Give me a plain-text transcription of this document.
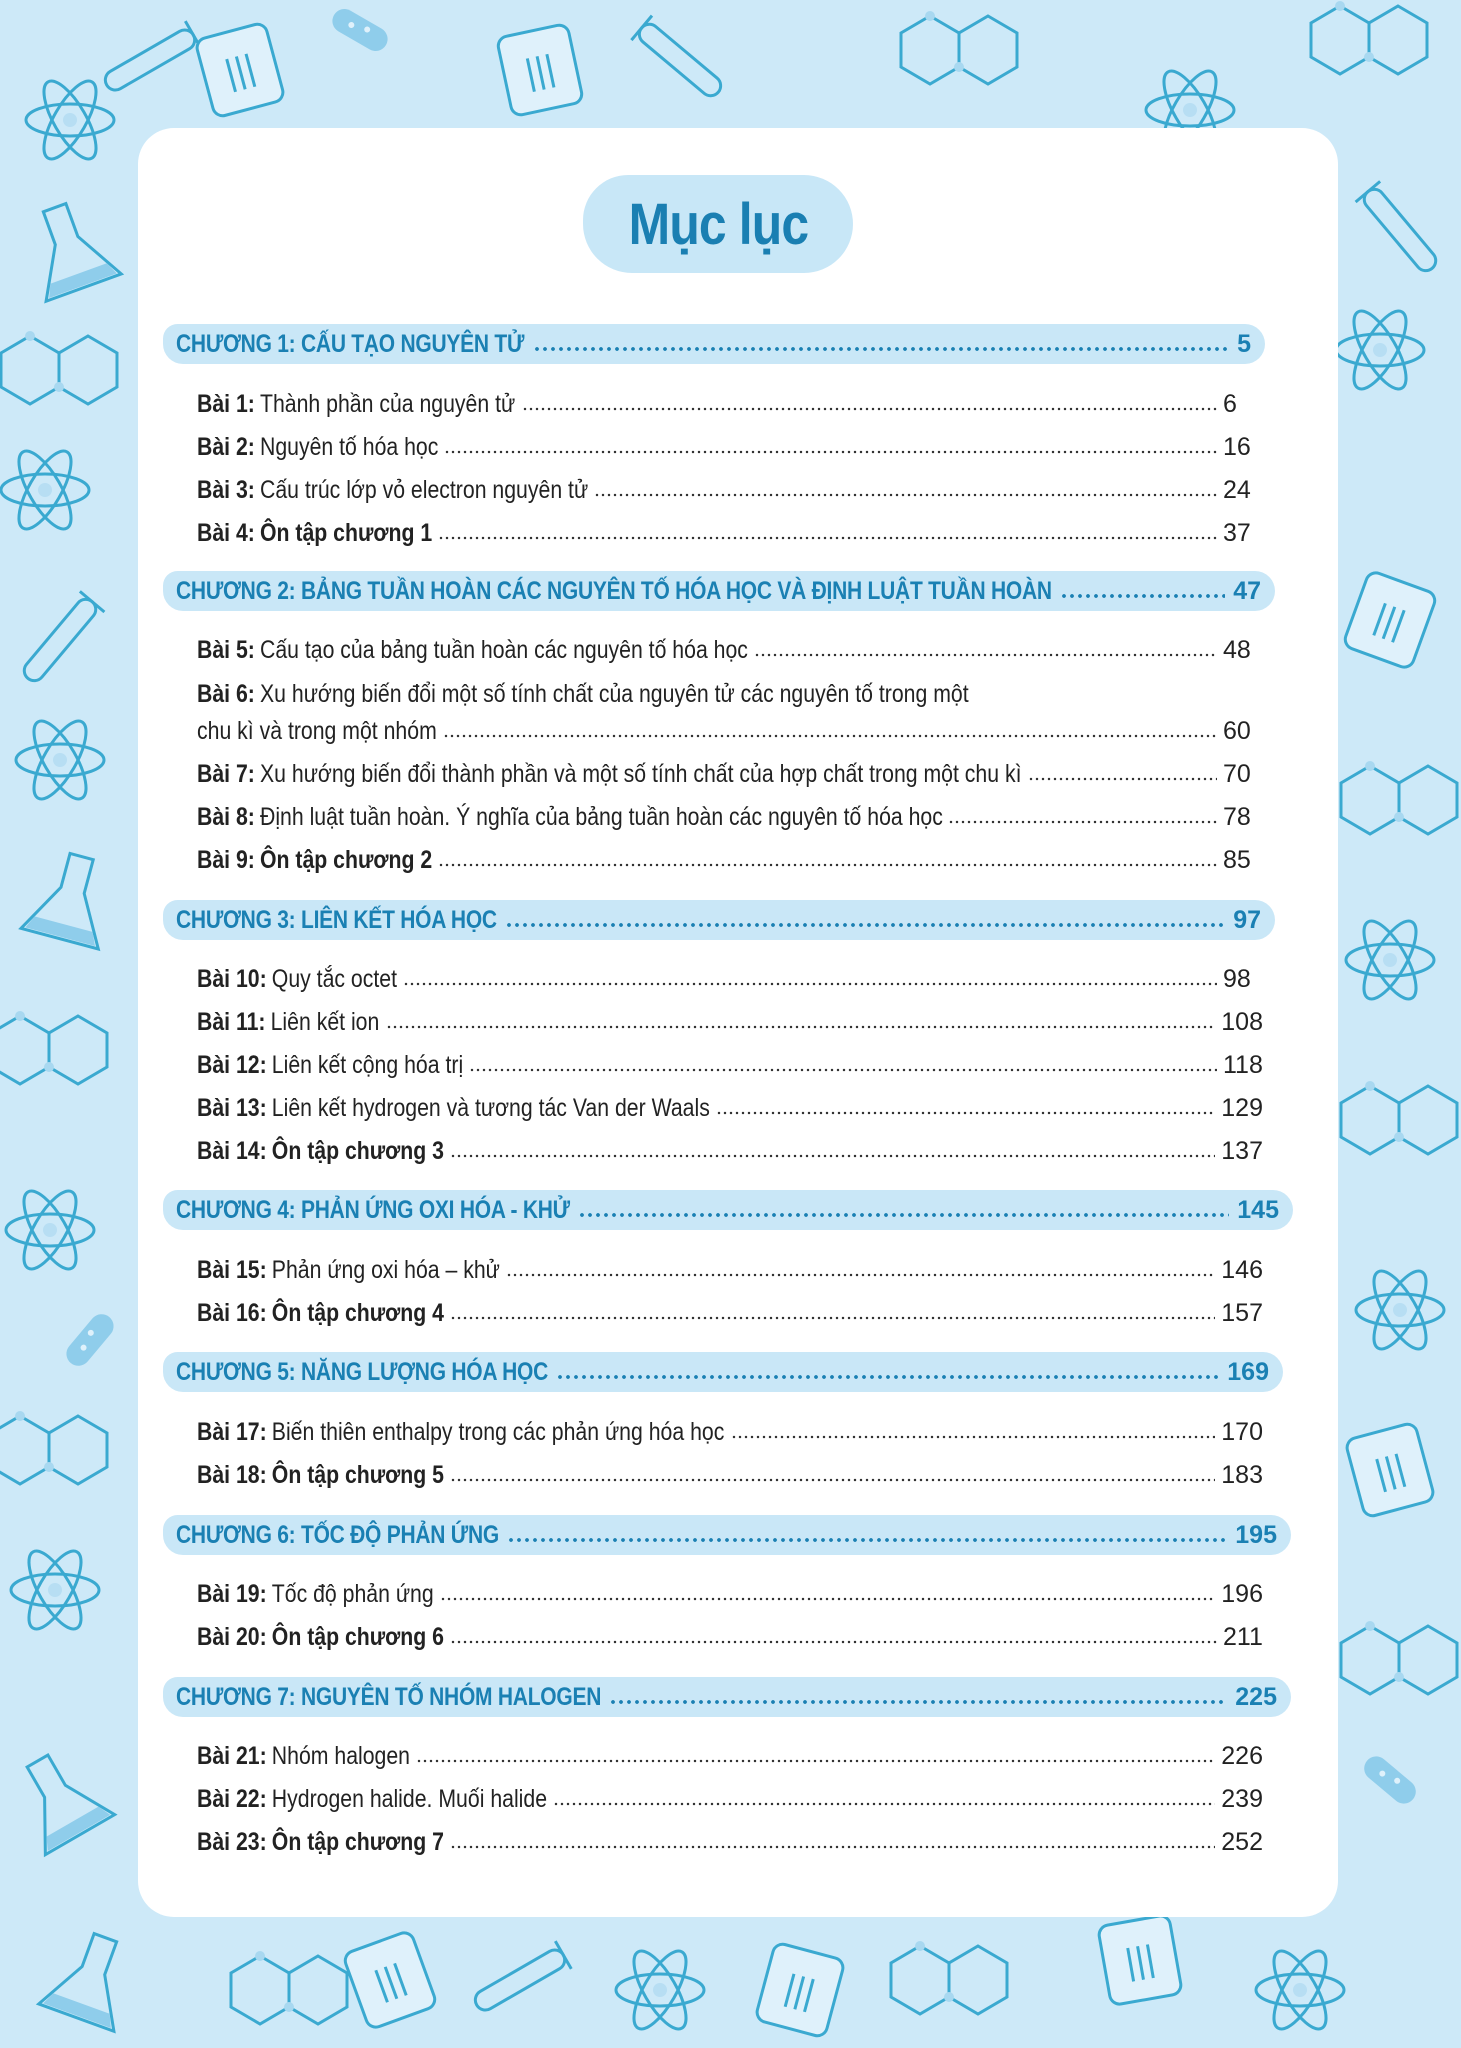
Mục lục
CHƯƠNG 1: CẤU TẠO NGUYÊN TỬ	5
Bài 1: Thành phần của nguyên tử	6
Bài 2: Nguyên tố hóa học	16
Bài 3: Cấu trúc lớp vỏ electron nguyên tử	24
Bài 4: Ôn tập chương 1	37
CHƯƠNG 2: BẢNG TUẦN HOÀN CÁC NGUYÊN TỐ HÓA HỌC VÀ ĐỊNH LUẬT TUẦN HOÀN	47
Bài 5: Cấu tạo của bảng tuần hoàn các nguyên tố hóa học	48
Bài 6: Xu hướng biến đổi một số tính chất của nguyên tử các nguyên tố trong một
chu kì và trong một nhóm	60
Bài 7: Xu hướng biến đổi thành phần và một số tính chất của hợp chất trong một chu kì	70
Bài 8: Định luật tuần hoàn. Ý nghĩa của bảng tuần hoàn các nguyên tố hóa học	78
Bài 9: Ôn tập chương 2	85
CHƯƠNG 3: LIÊN KẾT HÓA HỌC	97
Bài 10: Quy tắc octet	98
Bài 11: Liên kết ion	108
Bài 12: Liên kết cộng hóa trị	118
Bài 13: Liên kết hydrogen và tương tác Van der Waals	129
Bài 14: Ôn tập chương 3	137
CHƯƠNG 4: PHẢN ỨNG OXI HÓA - KHỬ	145
Bài 15: Phản ứng oxi hóa – khử	146
Bài 16: Ôn tập chương 4	157
CHƯƠNG 5: NĂNG LƯỢNG HÓA HỌC	169
Bài 17: Biến thiên enthalpy trong các phản ứng hóa học	170
Bài 18: Ôn tập chương 5	183
CHƯƠNG 6: TỐC ĐỘ PHẢN ỨNG	195
Bài 19: Tốc độ phản ứng	196
Bài 20: Ôn tập chương 6	211
CHƯƠNG 7: NGUYÊN TỐ NHÓM HALOGEN	225
Bài 21: Nhóm halogen	226
Bài 22: Hydrogen halide. Muối halide	239
Bài 23: Ôn tập chương 7	252
